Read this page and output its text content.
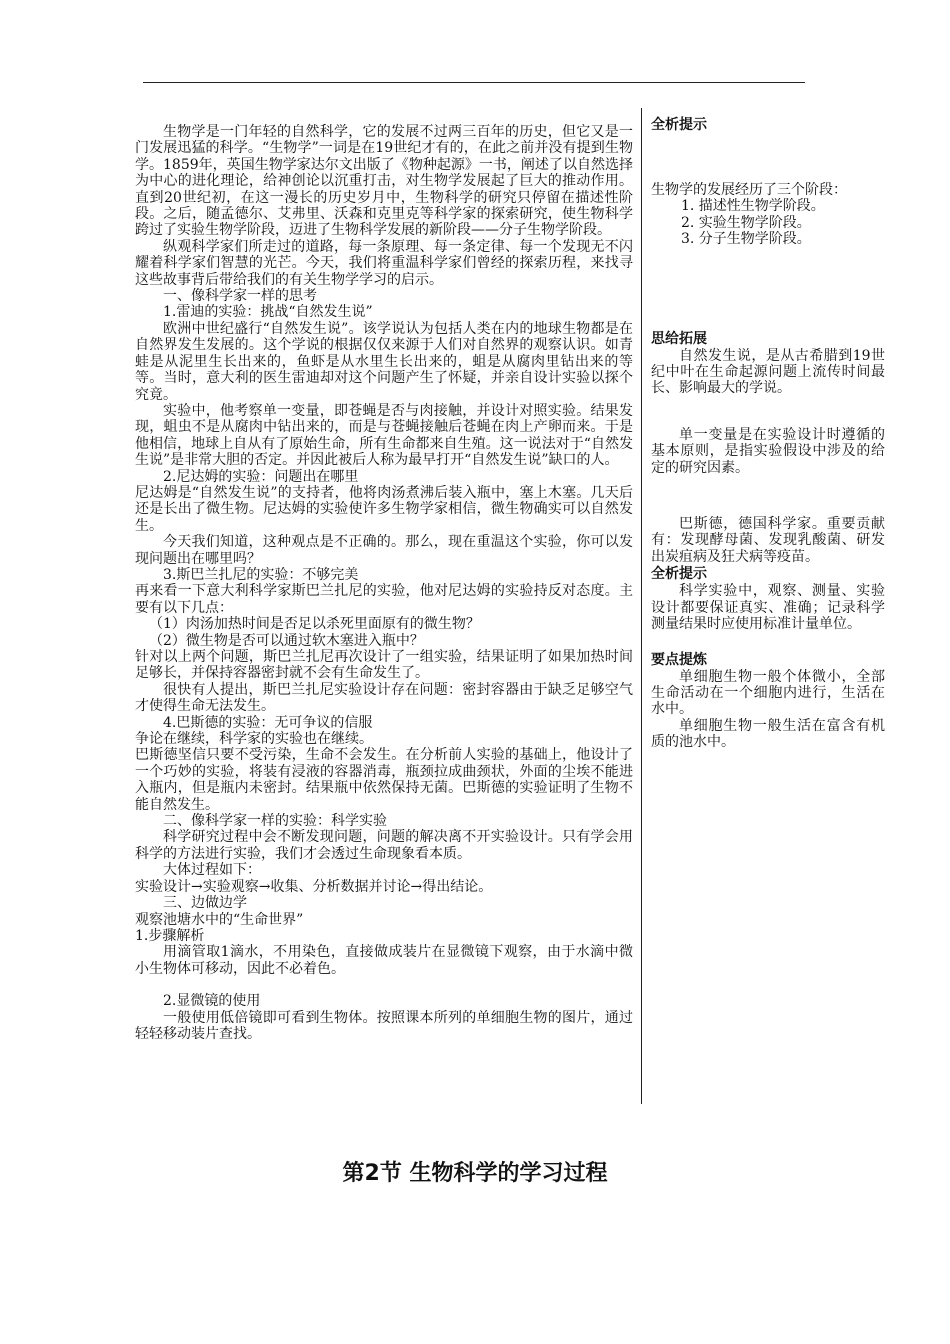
生物学是一门年轻的自然科学，它的发展不过两三百年的历史，但它又是一门发展迅猛的科学。“生物学”一词是在19世纪才有的，在此之前并没有提到生物学。1859年，英国生物学家达尔文出版了《物种起源》一书，阐述了以自然选择为中心的进化理论，给神创论以沉重打击，对生物学发展起了巨大的推动作用。直到20世纪初，在这一漫长的历史岁月中，生物科学的研究只停留在描述性阶段。之后，随孟德尔、艾弗里、沃森和克里克等科学家的探索研究，使生物科学跨过了实验生物学阶段，迈进了生物科学发展的新阶段——分子生物学阶段。

纵观科学家们所走过的道路，每一条原理、每一条定律、每一个发现无不闪耀着科学家们智慧的光芒。今天，我们将重温科学家们曾经的探索历程，来找寻这些故事背后带给我们的有关生物学学习的启示。

一、像科学家一样的思考

1.雷迪的实验：挑战“自然发生说”

欧洲中世纪盛行“自然发生说”。该学说认为包括人类在内的地球生物都是在自然界发生发展的。这个学说的根据仅仅来源于人们对自然界的观察认识。如青蛙是从泥里生长出来的，鱼虾是从水里生长出来的，蛆是从腐肉里钻出来的等等。当时，意大利的医生雷迪却对这个问题产生了怀疑，并亲自设计实验以探个究竟。

实验中，他考察单一变量，即苍蝇是否与肉接触，并设计对照实验。结果发现，蛆虫不是从腐肉中钻出来的，而是与苍蝇接触后苍蝇在肉上产卵而来。于是他相信，地球上自从有了原始生命，所有生命都来自生殖。这一说法对于“自然发生说”是非常大胆的否定。并因此被后人称为最早打开“自然发生说”缺口的人。

2.尼达姆的实验：问题出在哪里

尼达姆是“自然发生说”的支持者，他将肉汤煮沸后装入瓶中，塞上木塞。几天后还是长出了微生物。尼达姆的实验使许多生物学家相信，微生物确实可以自然发生。

今天我们知道，这种观点是不正确的。那么，现在重温这个实验，你可以发现问题出在哪里吗？

3.斯巴兰扎尼的实验：不够完美

再来看一下意大利科学家斯巴兰扎尼的实验，他对尼达姆的实验持反对态度。主要有以下几点：

（1）肉汤加热时间是否足以杀死里面原有的微生物？

（2）微生物是否可以通过软木塞进入瓶中？

针对以上两个问题，斯巴兰扎尼再次设计了一组实验，结果证明了如果加热时间足够长，并保持容器密封就不会有生命发生了。

很快有人提出，斯巴兰扎尼实验设计存在问题：密封容器由于缺乏足够空气才使得生命无法发生。

4.巴斯德的实验：无可争议的信服

争论在继续，科学家的实验也在继续。

巴斯德坚信只要不受污染，生命不会发生。在分析前人实验的基础上，他设计了一个巧妙的实验，将装有浸液的容器消毒，瓶颈拉成曲颈状，外面的尘埃不能进入瓶内，但是瓶内未密封。结果瓶中依然保持无菌。巴斯德的实验证明了生物不能自然发生。

二、像科学家一样的实验：科学实验

科学研究过程中会不断发现问题，问题的解决离不开实验设计。只有学会用科学的方法进行实验，我们才会透过生命现象看本质。

大体过程如下：

实验设计→实验观察→收集、分析数据并讨论→得出结论。

三、边做边学

观察池塘水中的“生命世界”

1.步骤解析

用滴管取1滴水，不用染色，直接做成装片在显微镜下观察，由于水滴中微小生物体可移动，因此不必着色。

2.显微镜的使用

一般使用低倍镜即可看到生物体。按照课本所列的单细胞生物的图片，通过轻轻移动装片查找。

全析提示

生物学的发展经历了三个阶段：

1. 描述性生物学阶段。

2. 实验生物学阶段。

3. 分子生物学阶段。

思给拓展

自然发生说，是从古希腊到19世纪中叶在生命起源问题上流传时间最长、影响最大的学说。

单一变量是在实验设计时遵循的基本原则，是指实验假设中涉及的给定的研究因素。

巴斯德，德国科学家。重要贡献有：发现酵母菌、发现乳酸菌、研发出炭疽病及狂犬病等疫苗。

全析提示

科学实验中，观察、测量、实验设计都要保证真实、准确；记录科学测量结果时应使用标准计量单位。

要点提炼

单细胞生物一般个体微小，全部生命活动在一个细胞内进行，生活在水中。

单细胞生物一般生活在富含有机质的池水中。

第2节 生物科学的学习过程
